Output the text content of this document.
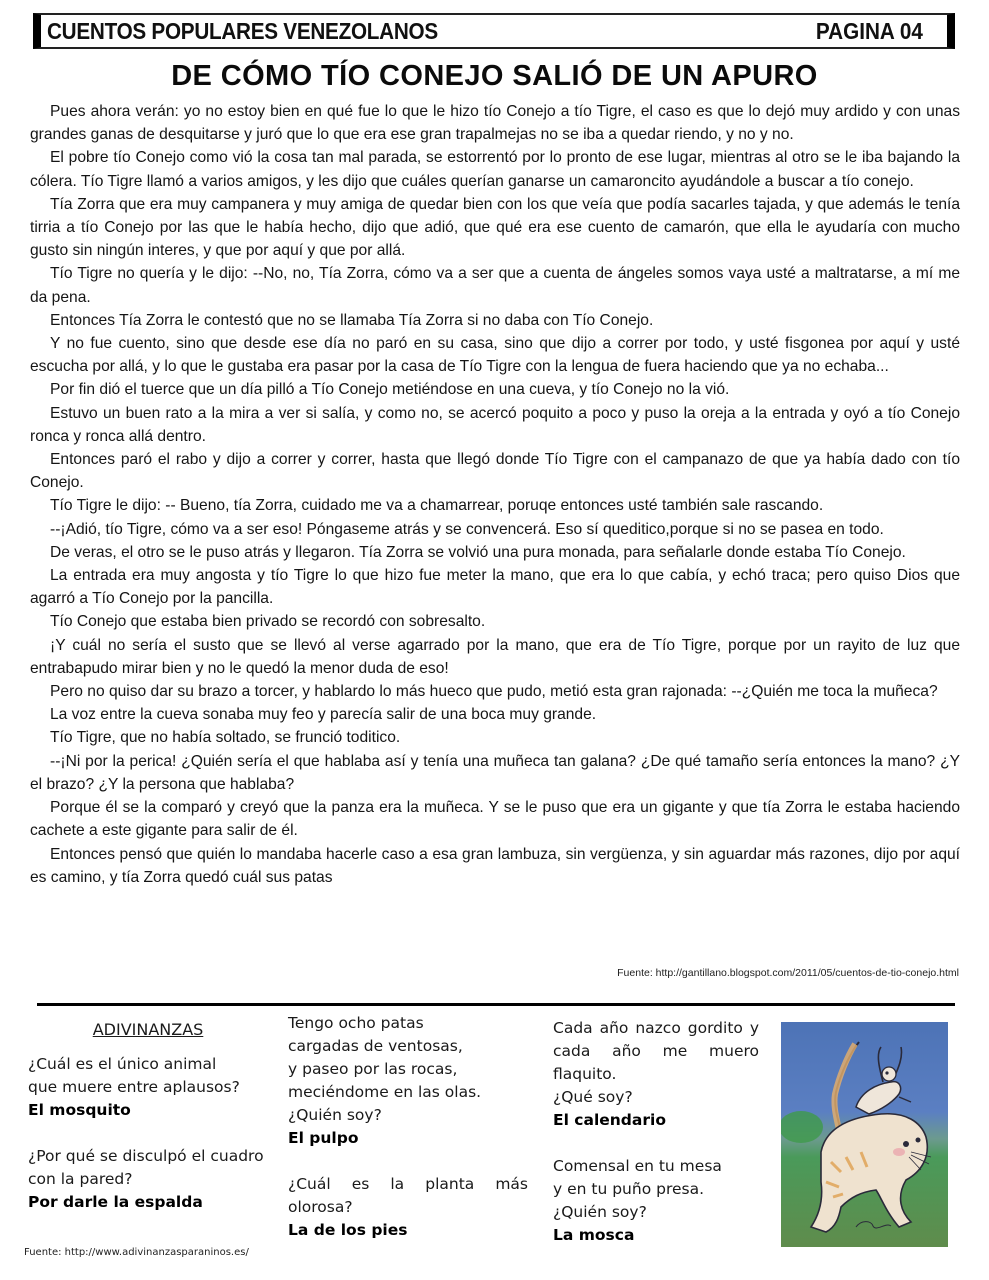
CUENTOS POPULARES VENEZOLANOS	PAGINA 04
DE CÓMO TÍO CONEJO SALIÓ DE UN APURO

Pues ahora verán: yo no estoy bien en qué fue lo que le hizo tío Conejo a tío Tigre, el caso es que lo dejó muy ardido y con unas grandes ganas de desquitarse y juró que lo que era ese gran trapalmejas no se iba a quedar riendo, y no y no.

El pobre tío Conejo como vió la cosa tan mal parada, se estorrentó por lo pronto de ese lugar, mientras al otro se le iba bajando la cólera. Tío Tigre llamó a varios amigos, y les dijo que cuáles querían ganarse un camaroncito ayudándole a buscar a tío conejo.

Tía Zorra que era muy campanera y muy amiga de quedar bien con los que veía que podía sacarles tajada, y que además le tenía tirria a tío Conejo por las que le había hecho, dijo que adió, que qué era ese cuento de camarón, que ella le ayudaría con mucho gusto sin ningún interes, y que por aquí y que por allá.

Tío Tigre no quería y le dijo: --No, no, Tía Zorra, cómo va a ser que a cuenta de ángeles somos vaya usté a maltratarse, a mí me da pena.

Entonces Tía Zorra le contestó que no se llamaba Tía Zorra si no daba con Tío Conejo.

Y no fue cuento, sino que desde ese día no paró en su casa, sino que dijo a correr por todo, y usté fisgonea por aquí y usté escucha por allá, y lo que le gustaba era pasar por la casa de Tío Tigre con la lengua de fuera haciendo que ya no echaba...

Por fin dió el tuerce que un día pilló a Tío Conejo metiéndose en una cueva, y tío Conejo no la vió.

Estuvo un buen rato a la mira a ver si salía, y como no, se acercó poquito a poco y puso la oreja a la entrada y oyó a tío Conejo ronca y ronca allá dentro.

Entonces paró el rabo y dijo a correr y correr, hasta que llegó donde Tío Tigre con el campanazo de que ya había dado con tío Conejo.

Tío Tigre le dijo: -- Bueno, tía Zorra, cuidado me va a chamarrear, poruqe entonces usté también sale rascando.

--¡Adió, tío Tigre, cómo va a ser eso! Póngaseme atrás y se convencerá. Eso sí queditico,porque si no se pasea en todo.

De veras, el otro se le puso atrás y llegaron. Tía Zorra se volvió una pura monada, para señalarle donde estaba Tío Conejo.

La entrada era muy angosta y tío Tigre lo que hizo fue meter la mano, que era lo que cabía, y echó traca; pero quiso Dios que agarró a Tío Conejo por la pancilla.

Tío Conejo que estaba bien privado se recordó con sobresalto.

¡Y cuál no sería el susto que se llevó al verse agarrado por la mano, que era de Tío Tigre, porque por un rayito de luz que entrabapudo mirar bien y no le quedó la menor duda de eso!

Pero no quiso dar su brazo a torcer, y hablardo lo más hueco que pudo, metió esta gran rajonada: --¿Quién me toca la muñeca?

La voz entre la cueva sonaba muy feo y parecía salir de una boca muy grande.

Tío Tigre, que no había soltado, se frunció toditico.

--¡Ni por la perica! ¿Quién sería el que hablaba así y tenía una muñeca tan galana? ¿De qué tamaño sería entonces la mano? ¿Y el brazo? ¿Y la persona que hablaba?

Porque él se la comparó y creyó que la panza era la muñeca. Y se le puso que era un gigante y que tía Zorra le estaba haciendo cachete a este gigante para salir de él.

Entonces pensó que quién lo mandaba hacerle caso a esa gran lambuza, sin vergüenza, y sin aguardar más razones, dijo por aquí es camino, y tía Zorra quedó cuál sus patas

Fuente: http://gantillano.blogspot.com/2011/05/cuentos-de-tio-conejo.html
ADIVINANZAS
¿Cuál es el único animal
que muere entre aplausos?
El mosquito
¿Por qué se disculpó el cuadro
con la pared?
Por darle la espalda
Tengo ocho patas
cargadas de ventosas,
y paseo por las rocas,
meciéndome en las olas.
¿Quién soy?
El pulpo
¿Cuál es la planta más olorosa?
La de los pies
Cada año nazco gordito y cada año me muero flaquito.
¿Qué soy?
El calendario
Comensal en tu mesa
y en tu puño presa.
¿Quién soy?
La mosca
Fuente: http://www.adivinanzasparaninos.es/
